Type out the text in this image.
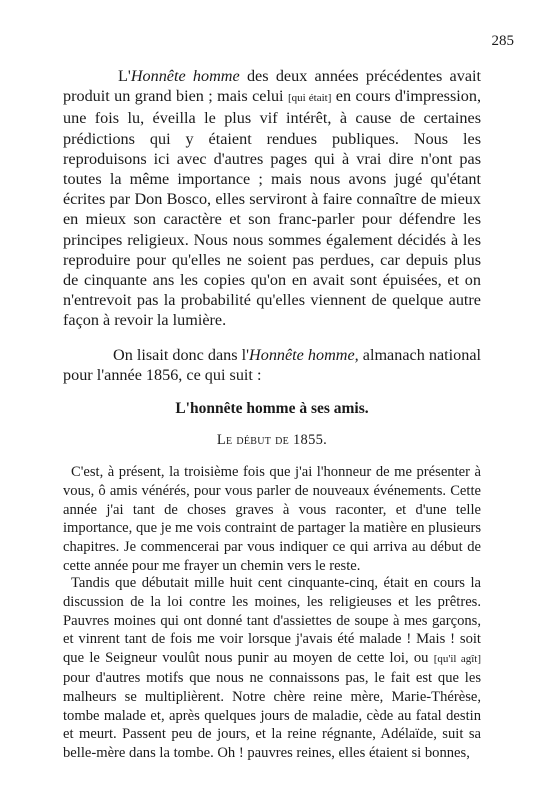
285

L'Honnête homme des deux années précédentes avait produit un grand bien ; mais celui [qui était] en cours d'impression, une fois lu, éveilla le plus vif intérêt, à cause de certaines prédictions qui y étaient rendues publiques. Nous les reproduisons ici avec d'autres pages qui à vrai dire n'ont pas toutes la même importance ; mais nous avons jugé qu'étant écrites par Don Bosco, elles serviront à faire connaître de mieux en mieux son caractère et son franc-parler pour défendre les principes religieux. Nous nous sommes également décidés à les reproduire pour qu'elles ne soient pas perdues, car depuis plus de cinquante ans les copies qu'on en avait sont épuisées, et on n'entrevoit pas la probabilité qu'elles viennent de quelque autre façon à revoir la lumière.

On lisait donc dans l'Honnête homme, almanach national pour l'année 1856, ce qui suit :

L'honnête homme à ses amis.

Le début de 1855.

C'est, à présent, la troisième fois que j'ai l'honneur de me présenter à vous, ô amis vénérés, pour vous parler de nouveaux événements. Cette année j'ai tant de choses graves à vous raconter, et d'une telle importance, que je me vois contraint de partager la matière en plusieurs chapitres. Je commencerai par vous indiquer ce qui arriva au début de cette année pour me frayer un chemin vers le reste.

Tandis que débutait mille huit cent cinquante-cinq, était en cours la discussion de la loi contre les moines, les religieuses et les prêtres. Pauvres moines qui ont donné tant d'assiettes de soupe à mes garçons, et vinrent tant de fois me voir lorsque j'avais été malade ! Mais ! soit que le Seigneur voulût nous punir au moyen de cette loi, ou [qu'il agît] pour d'autres motifs que nous ne connaissons pas, le fait est que les malheurs se multiplièrent. Notre chère reine mère, Marie-Thérèse, tombe malade et, après quelques jours de maladie, cède au fatal destin et meurt. Passent peu de jours, et la reine régnante, Adélaïde, suit sa belle-mère dans la tombe. Oh ! pauvres reines, elles étaient si bonnes,
